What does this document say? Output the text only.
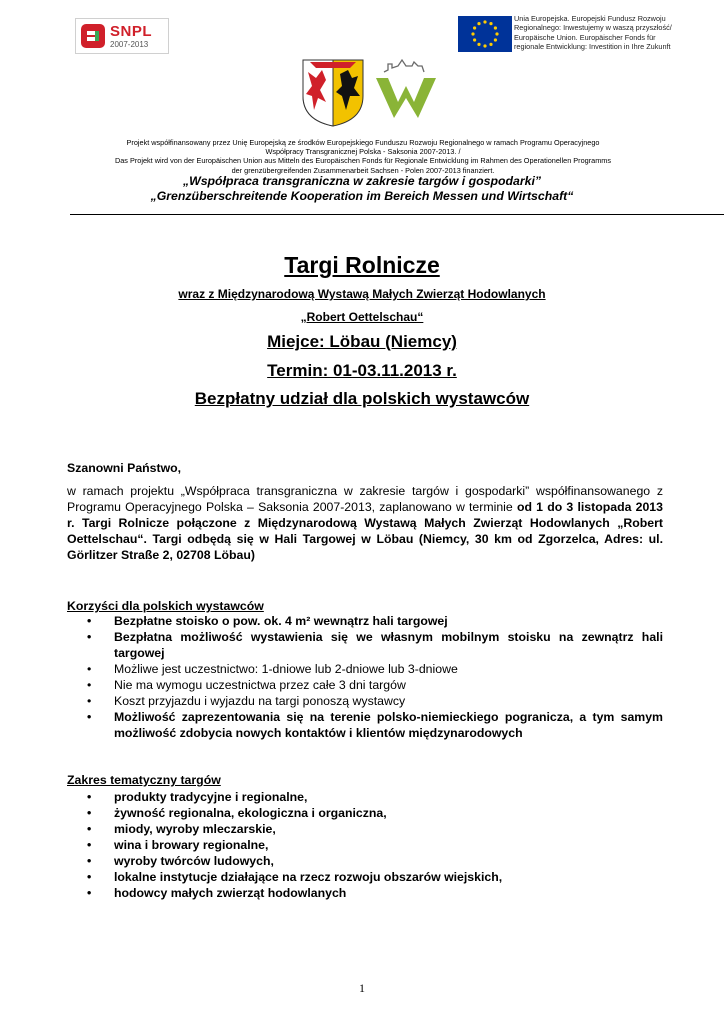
SNPL
2007-2013
Unia Europejska. Europejski Fundusz Rozwoju
Regionalnego: Inwestujemy w waszą przyszłość/
Europäische Union. Europäischer Fonds für
regionale Entwicklung: Investition in Ihre Zukunft
Projekt współfinansowany przez Unię Europejską ze środków Europejskiego Funduszu Rozwoju Regionalnego w ramach Programu Operacyjnego
Współpracy Transgranicznej Polska - Saksonia 2007-2013. /
Das Projekt wird von der Europäischen Union aus Mitteln des Europäischen Fonds für Regionale Entwicklung im Rahmen des Operationellen Programms
der grenzübergreifenden Zusammenarbeit Sachsen - Polen 2007-2013 finanziert.
„Współpraca transgraniczna w zakresie targów i gospodarki”
„Grenzüberschreitende Kooperation im Bereich Messen und Wirtschaft“
Targi Rolnicze
wraz z Międzynarodową Wystawą Małych Zwierząt Hodowlanych
„Robert Oettelschau“
Miejce: Löbau (Niemcy)
Termin: 01-03.11.2013 r.
Bezpłatny udział dla polskich wystawców
Szanowni Państwo,
w ramach projektu „Współpraca transgraniczna w zakresie targów i gospodarki” współfinansowanego z Programu Operacyjnego Polska – Saksonia 2007-2013, zaplanowano w terminie od 1 do 3 listopada 2013 r. Targi Rolnicze połączone z Międzynarodową Wystawą Małych Zwierząt Hodowlanych „Robert Oettelschau“. Targi odbędą się w Hali Targowej w Löbau (Niemcy, 30 km od Zgorzelca, Adres: ul. Görlitzer Straße 2, 02708 Löbau)
Korzyści dla polskich wystawców
• Bezpłatne stoisko o pow. ok. 4 m² wewnątrz hali targowej
• Bezpłatna możliwość wystawienia się we własnym mobilnym stoisku na zewnątrz hali targowej
• Możliwe jest uczestnictwo: 1-dniowe lub 2-dniowe lub 3-dniowe
• Nie ma wymogu uczestnictwa przez całe 3 dni targów
• Koszt przyjazdu i wyjazdu na targi ponoszą wystawcy
• Możliwość zaprezentowania się na terenie polsko-niemieckiego pogranicza, a tym samym możliwość zdobycia nowych kontaktów i klientów międzynarodowych
Zakres tematyczny targów
• produkty tradycyjne i regionalne,
• żywność regionalna, ekologiczna i organiczna,
• miody, wyroby mleczarskie,
• wina i browary regionalne,
• wyroby twórców ludowych,
• lokalne instytucje działające na rzecz rozwoju obszarów wiejskich,
• hodowcy małych zwierząt hodowlanych
1
